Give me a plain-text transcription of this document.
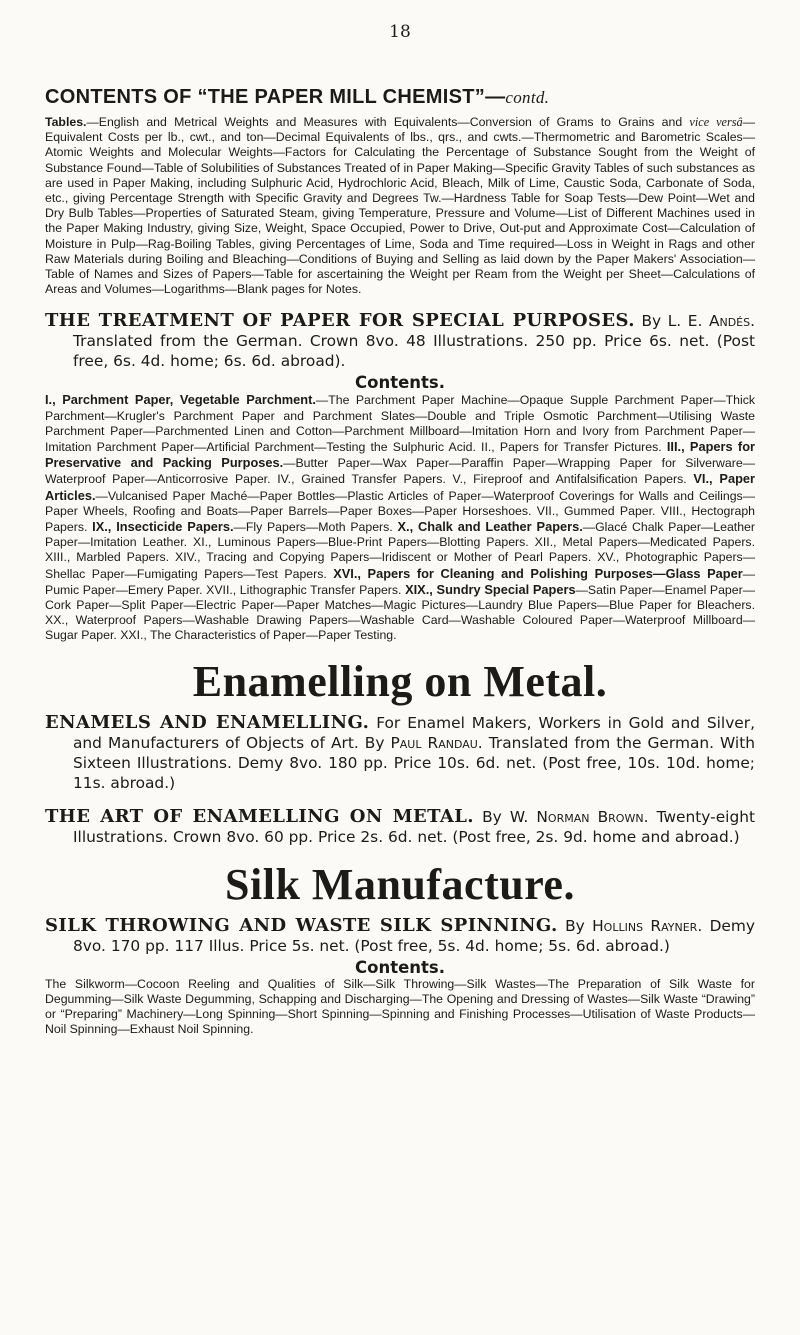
18
CONTENTS OF “THE PAPER MILL CHEMIST”—contd.

Tables.—English and Metrical Weights and Measures with Equivalents—Conversion of Grams to Grains and vice versâ—Equivalent Costs per lb., cwt., and ton—Decimal Equivalents of lbs., qrs., and cwts.—Thermometric and Barometric Scales—Atomic Weights and Molecular Weights—Factors for Calculating the Percentage of Substance Sought from the Weight of Substance Found—Table of Solubilities of Substances Treated of in Paper Making—Specific Gravity Tables of such substances as are used in Paper Making, including Sulphuric Acid, Hydrochloric Acid, Bleach, Milk of Lime, Caustic Soda, Carbonate of Soda, etc., giving Percentage Strength with Specific Gravity and Degrees Tw.—Hardness Table for Soap Tests—Dew Point—Wet and Dry Bulb Tables—Properties of Saturated Steam, giving Temperature, Pressure and Volume—List of Different Machines used in the Paper Making Industry, giving Size, Weight, Space Occupied, Power to Drive, Out-put and Approximate Cost—Calculation of Moisture in Pulp—Rag-Boiling Tables, giving Percentages of Lime, Soda and Time required—Loss in Weight in Rags and other Raw Materials during Boiling and Bleaching—Conditions of Buying and Selling as laid down by the Paper Makers' Association—Table of Names and Sizes of Papers—Table for ascertaining the Weight per Ream from the Weight per Sheet—Calculations of Areas and Volumes—Logarithms—Blank pages for Notes.

THE TREATMENT OF PAPER FOR SPECIAL PURPOSES. By L. E. Andés. Translated from the German. Crown 8vo. 48 Illustrations. 250 pp. Price 6s. net. (Post free, 6s. 4d. home; 6s. 6d. abroad).

Contents.

I., Parchment Paper, Vegetable Parchment.—The Parchment Paper Machine—Opaque Supple Parchment Paper—Thick Parchment—Krugler's Parchment Paper and Parchment Slates—Double and Triple Osmotic Parchment—Utilising Waste Parchment Paper—Parchmented Linen and Cotton—Parchment Millboard—Imitation Horn and Ivory from Parchment Paper—Imitation Parchment Paper—Artificial Parchment—Testing the Sulphuric Acid. II., Papers for Transfer Pictures. III., Papers for Preservative and Packing Purposes.—Butter Paper—Wax Paper—Paraffin Paper—Wrapping Paper for Silverware—Waterproof Paper—Anticorrosive Paper. IV., Grained Transfer Papers. V., Fireproof and Antifalsification Papers. VI., Paper Articles.—Vulcanised Paper Maché—Paper Bottles—Plastic Articles of Paper—Waterproof Coverings for Walls and Ceilings—Paper Wheels, Roofing and Boats—Paper Barrels—Paper Boxes—Paper Horseshoes. VII., Gummed Paper. VIII., Hectograph Papers. IX., Insecticide Papers.—Fly Papers—Moth Papers. X., Chalk and Leather Papers.—Glacé Chalk Paper—Leather Paper—Imitation Leather. XI., Luminous Papers—Blue-Print Papers—Blotting Papers. XII., Metal Papers—Medicated Papers. XIII., Marbled Papers. XIV., Tracing and Copying Papers—Iridiscent or Mother of Pearl Papers. XV., Photographic Papers—Shellac Paper—Fumigating Papers—Test Papers. XVI., Papers for Cleaning and Polishing Purposes—Glass Paper—Pumic Paper—Emery Paper. XVII., Lithographic Transfer Papers. XIX., Sundry Special Papers—Satin Paper—Enamel Paper—Cork Paper—Split Paper—Electric Paper—Paper Matches—Magic Pictures—Laundry Blue Papers—Blue Paper for Bleachers. XX., Waterproof Papers—Washable Drawing Papers—Washable Card—Washable Coloured Paper—Waterproof Millboard—Sugar Paper. XXI., The Characteristics of Paper—Paper Testing.

Enamelling on Metal.

ENAMELS AND ENAMELLING. For Enamel Makers, Workers in Gold and Silver, and Manufacturers of Objects of Art. By Paul Randau. Translated from the German. With Sixteen Illustrations. Demy 8vo. 180 pp. Price 10s. 6d. net. (Post free, 10s. 10d. home; 11s. abroad.)

THE ART OF ENAMELLING ON METAL. By W. Norman Brown. Twenty-eight Illustrations. Crown 8vo. 60 pp. Price 2s. 6d. net. (Post free, 2s. 9d. home and abroad.)

Silk Manufacture.

SILK THROWING AND WASTE SILK SPINNING. By Hollins Rayner. Demy 8vo. 170 pp. 117 Illus. Price 5s. net. (Post free, 5s. 4d. home; 5s. 6d. abroad.)

Contents.

The Silkworm—Cocoon Reeling and Qualities of Silk—Silk Throwing—Silk Wastes—The Preparation of Silk Waste for Degumming—Silk Waste Degumming, Schapping and Discharging—The Opening and Dressing of Wastes—Silk Waste “Drawing” or “Preparing” Machinery—Long Spinning—Short Spinning—Spinning and Finishing Processes—Utilisation of Waste Products—Noil Spinning—Exhaust Noil Spinning.
